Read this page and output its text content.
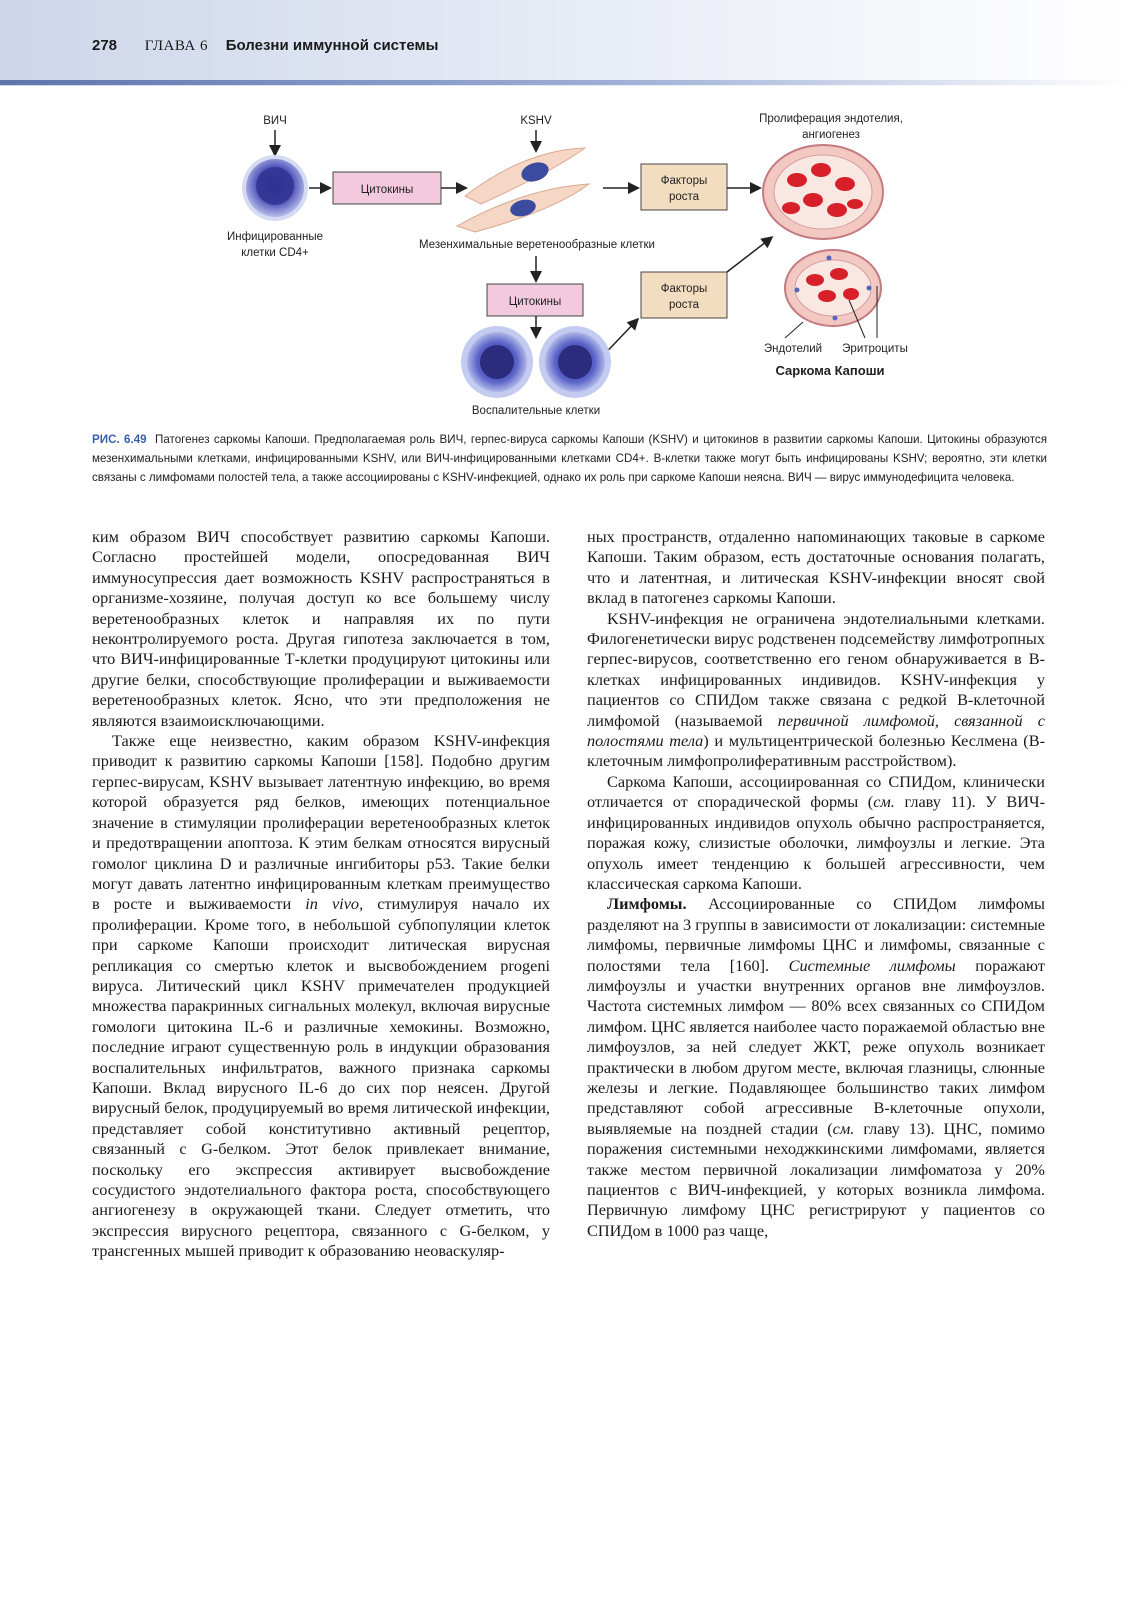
278 ГЛАВА 6 Болезни иммунной системы
ВИЧ	KSHV	Пролиферация эндотелия,
ангиогенез
Инфицированные
клетки CD4+
Цитокины
Мезенхимальные веретенообразные клетки
Факторы
роста
Эндотелий Эритроциты
Саркома Капоши
Цитокины
Факторы
роста
Воспалительные клетки
РИС. 6.49 Патогенез саркомы Капоши. Предполагаемая роль ВИЧ, герпес-вируса саркомы Капоши (KSHV) и цитокинов в развитии саркомы Капоши. Цитокины образуются мезенхимальными клетками, инфицированными KSHV, или ВИЧ-инфицированными клетками CD4+. В-клетки также могут быть инфицированы KSHV; вероятно, эти клетки связаны с лимфомами полостей тела, а также ассоциированы с KSHV-инфекцией, однако их роль при саркоме Капоши неясна. ВИЧ — вирус иммунодефицита человека.

ким образом ВИЧ способствует развитию саркомы Капоши. Согласно простейшей модели, опосредованная ВИЧ иммуносупрессия дает возможность KSHV распространяться в организме-хозяине, получая доступ ко все большему числу веретенообразных клеток и направляя их по пути неконтролируемого роста. Другая гипотеза заключается в том, что ВИЧ-инфицированные Т-клетки продуцируют цитокины или другие белки, способствующие пролиферации и выживаемости веретенообразных клеток. Ясно, что эти предположения не являются взаимоисключающими.

Также еще неизвестно, каким образом KSHV-инфекция приводит к развитию саркомы Капоши [158]. Подобно другим герпес-вирусам, KSHV вызывает латентную инфекцию, во время которой образуется ряд белков, имеющих потенциальное значение в стимуляции пролиферации веретенообразных клеток и предотвращении апоптоза. К этим белкам относятся вирусный гомолог циклина D и различные ингибиторы р53. Такие белки могут давать латентно инфицированным клеткам преимущество в росте и выживаемости in vivo, стимулируя начало их пролиферации. Кроме того, в небольшой субпопуляции клеток при саркоме Капоши происходит литическая вирусная репликация со смертью клеток и высвобождением progeni вируса. Литический цикл KSHV примечателен продукцией множества паракринных сигнальных молекул, включая вирусные гомологи цитокина IL-6 и различные хемокины. Возможно, последние играют существенную роль в индукции образования воспалительных инфильтратов, важного признака саркомы Капоши. Вклад вирусного IL-6 до сих пор неясен. Другой вирусный белок, продуцируемый во время литической инфекции, представляет собой конститутивно активный рецептор, связанный с G-белком. Этот белок привлекает внимание, поскольку его экспрессия активирует высвобождение сосудистого эндотелиального фактора роста, способствующего ангиогенезу в окружающей ткани. Следует отметить, что экспрессия вирусного рецептора, связанного с G-белком, у трансгенных мышей приводит к образованию неоваскуляр-

ных пространств, отдаленно напоминающих таковые в саркоме Капоши. Таким образом, есть достаточные основания полагать, что и латентная, и литическая KSHV-инфекции вносят свой вклад в патогенез саркомы Капоши.

KSHV-инфекция не ограничена эндотелиальными клетками. Филогенетически вирус родственен подсемейству лимфотропных герпес-вирусов, соответственно его геном обнаруживается в В-клетках инфицированных индивидов. KSHV-инфекция у пациентов со СПИДом также связана с редкой В-клеточной лимфомой (называемой первичной лимфомой, связанной с полостями тела) и мультицентрической болезнью Кеслмена (В-клеточным лимфопролиферативным расстройством).

Саркома Капоши, ассоциированная со СПИДом, клинически отличается от спорадической формы (см. главу 11). У ВИЧ-инфицированных индивидов опухоль обычно распространяется, поражая кожу, слизистые оболочки, лимфоузлы и легкие. Эта опухоль имеет тенденцию к большей агрессивности, чем классическая саркома Капоши.

Лимфомы. Ассоциированные со СПИДом лимфомы разделяют на 3 группы в зависимости от локализации: системные лимфомы, первичные лимфомы ЦНС и лимфомы, связанные с полостями тела [160]. Системные лимфомы поражают лимфоузлы и участки внутренних органов вне лимфоузлов. Частота системных лимфом — 80% всех связанных со СПИДом лимфом. ЦНС является наиболее часто поражаемой областью вне лимфоузлов, за ней следует ЖКТ, реже опухоль возникает практически в любом другом месте, включая глазницы, слюнные железы и легкие. Подавляющее большинство таких лимфом представляют собой агрессивные В-клеточные опухоли, выявляемые на поздней стадии (см. главу 13). ЦНС, помимо поражения системными неходжкинскими лимфомами, является также местом первичной локализации лимфоматоза у 20% пациентов с ВИЧ-инфекцией, у которых возникла лимфома. Первичную лимфому ЦНС регистрируют у пациентов со СПИДом в 1000 раз чаще,
